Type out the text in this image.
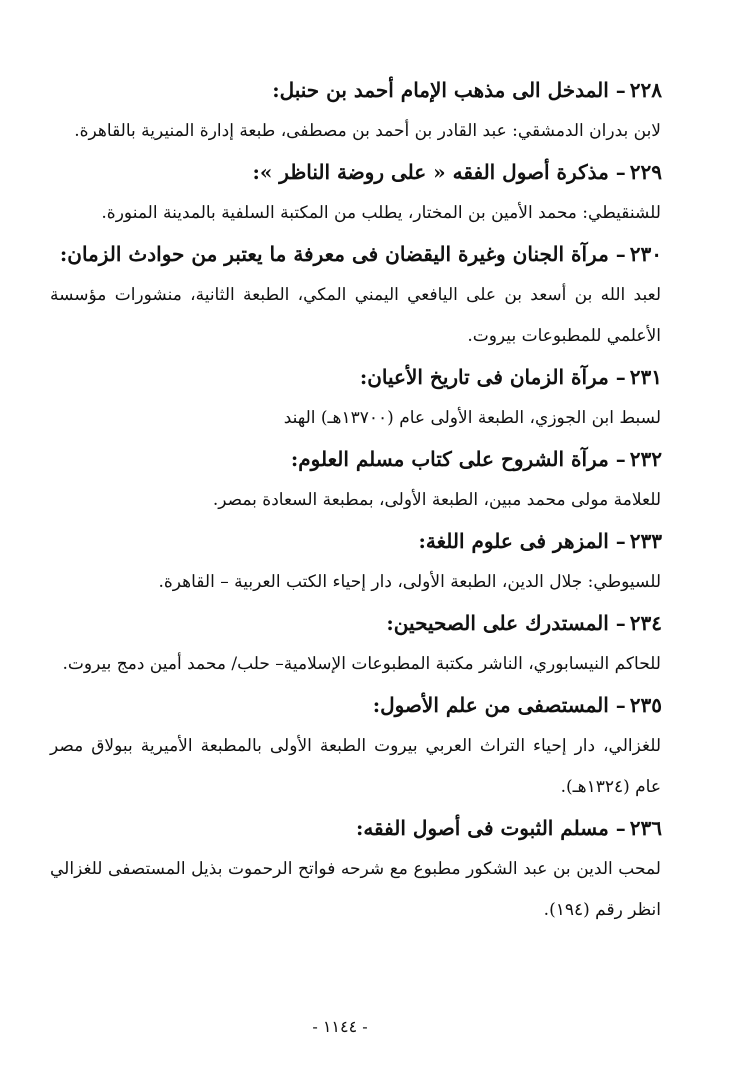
٢٢٨– المدخل الى مذهب الإمام أحمد بن حنبل:
لابن بدران الدمشقي: عبد القادر بن أحمد بن مصطفى، طبعة إدارة المنيرية بالقاهرة.
٢٢٩– مذكرة أصول الفقه « على روضة الناظر »:
للشنقيطي: محمد الأمين بن المختار، يطلب من المكتبة السلفية بالمدينة المنورة.
٢٣٠– مرآة الجنان وغيرة اليقضان فى معرفة ما يعتبر من حوادث الزمان:
لعبد الله بن أسعد بن على اليافعي اليمني المكي، الطبعة الثانية، منشورات مؤسسة الأعلمي للمطبوعات بيروت.
٢٣١– مرآة الزمان فى تاريخ الأعيان:
لسبط ابن الجوزي، الطبعة الأولى عام (١٣٧٠٠هـ) الهند
٢٣٢– مرآة الشروح على كتاب مسلم العلوم:
للعلامة مولى محمد مبين، الطبعة الأولى، بمطبعة السعادة بمصر.
٢٣٣– المزهر فى علوم اللغة:
للسيوطي: جلال الدين، الطبعة الأولى، دار إحياء الكتب العربية – القاهرة.
٢٣٤– المستدرك على الصحيحين:
للحاكم النيسابوري، الناشر مكتبة المطبوعات الإسلامية– حلب/ محمد أمين دمج بيروت.
٢٣٥– المستصفى من علم الأصول:
للغزالي، دار إحياء التراث العربي بيروت الطبعة الأولى بالمطبعة الأميرية ببولاق مصر عام (١٣٢٤هـ).
٢٣٦– مسلم الثبوت فى أصول الفقه:
لمحب الدين بن عبد الشكور مطبوع مع شرحه فواتح الرحموت بذيل المستصفى للغزالي انظر رقم (١٩٤).
- ١١٤٤ -
